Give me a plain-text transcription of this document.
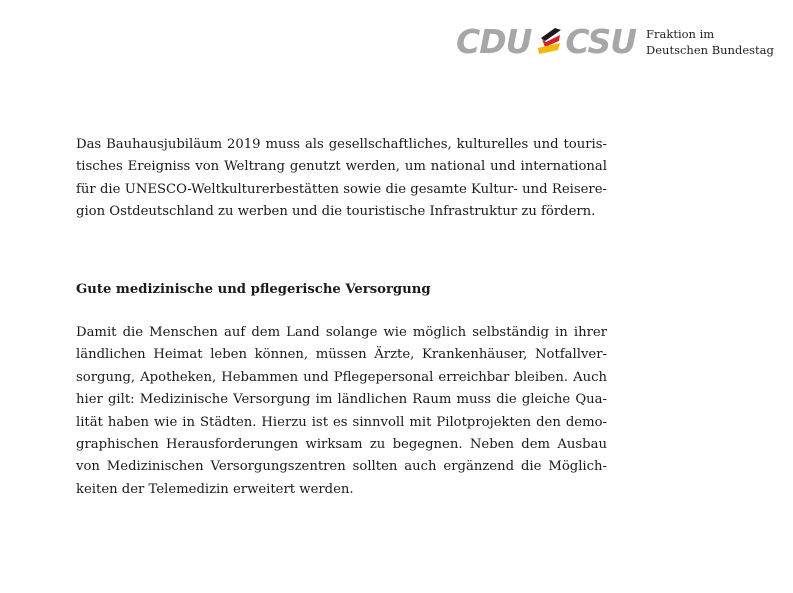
CDU CSU Fraktion im
Deutschen Bundestag

Das Bauhausjubiläum 2019 muss als gesellschaftliches, kulturelles und touristisches Ereigniss von Weltrang genutzt werden, um national und international für die UNESCO-Weltkulturerbestätten sowie die gesamte Kultur- und Reiseregion Ostdeutschland zu werben und die touristische Infrastruktur zu fördern.

Gute medizinische und pflegerische Versorgung

Damit die Menschen auf dem Land solange wie möglich selbständig in ihrer ländlichen Heimat leben können, müssen Ärzte, Krankenhäuser, Notfallversorgung, Apotheken, Hebammen und Pflegepersonal erreichbar bleiben. Auch hier gilt: Medizinische Versorgung im ländlichen Raum muss die gleiche Qualität haben wie in Städten. Hierzu ist es sinnvoll mit Pilotprojekten den demographischen Herausforderungen wirksam zu begegnen. Neben dem Ausbau von Medizinischen Versorgungszentren sollten auch ergänzend die Möglichkeiten der Telemedizin erweitert werden.
